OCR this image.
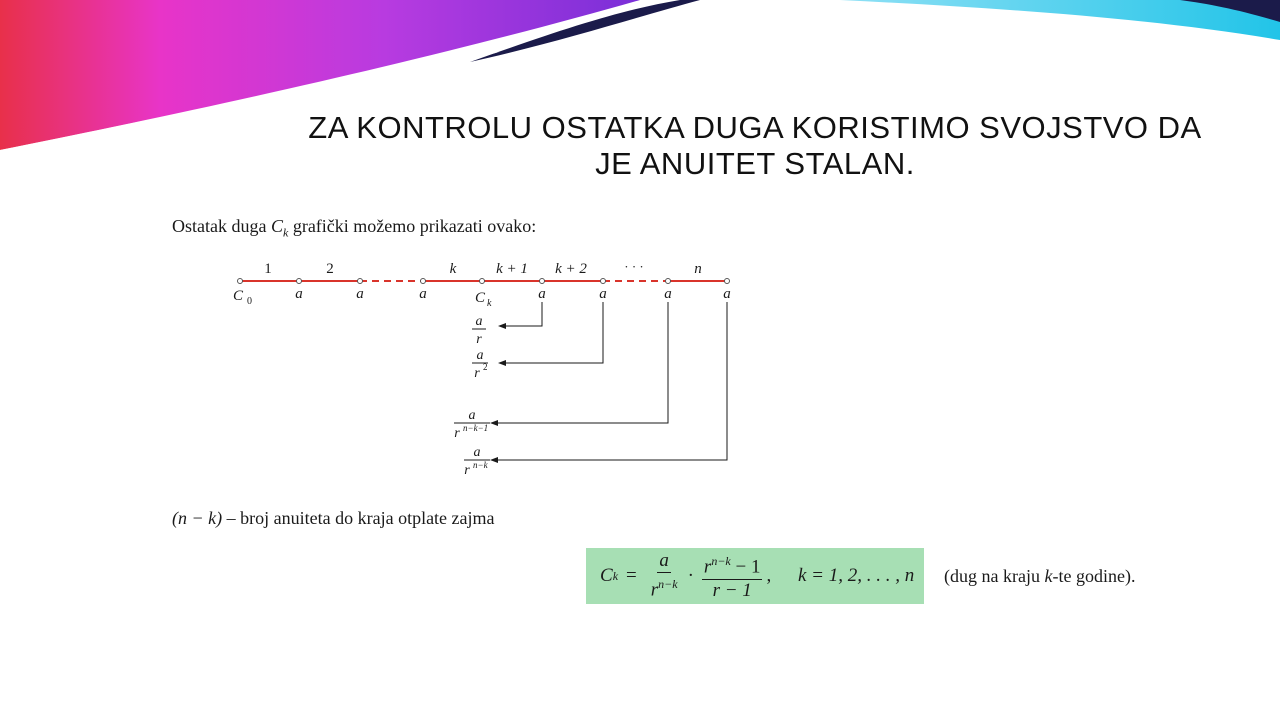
ZA KONTROLU OSTATKA DUGA KORISTIMO SVOJSTVO DA JE ANUITET STALAN.
Ostatak duga $C_k$ grafički možemo prikazati ovako:
1	2	k	k + 1 k + 2	· · ·	n
C 0	a	a	a	C k
a	a	a	a
a
r
a
r 2
a
r n−k−1
a
r n−k
(n − k) – broj anuiteta do kraja otplate zajma
C $k = \frac{a}{r^{n-k}} \cdot \frac{r^{n-k} - 1}{r - 1}$ , k = 1, 2, . . . , n (dug na kraju k-te godine).
